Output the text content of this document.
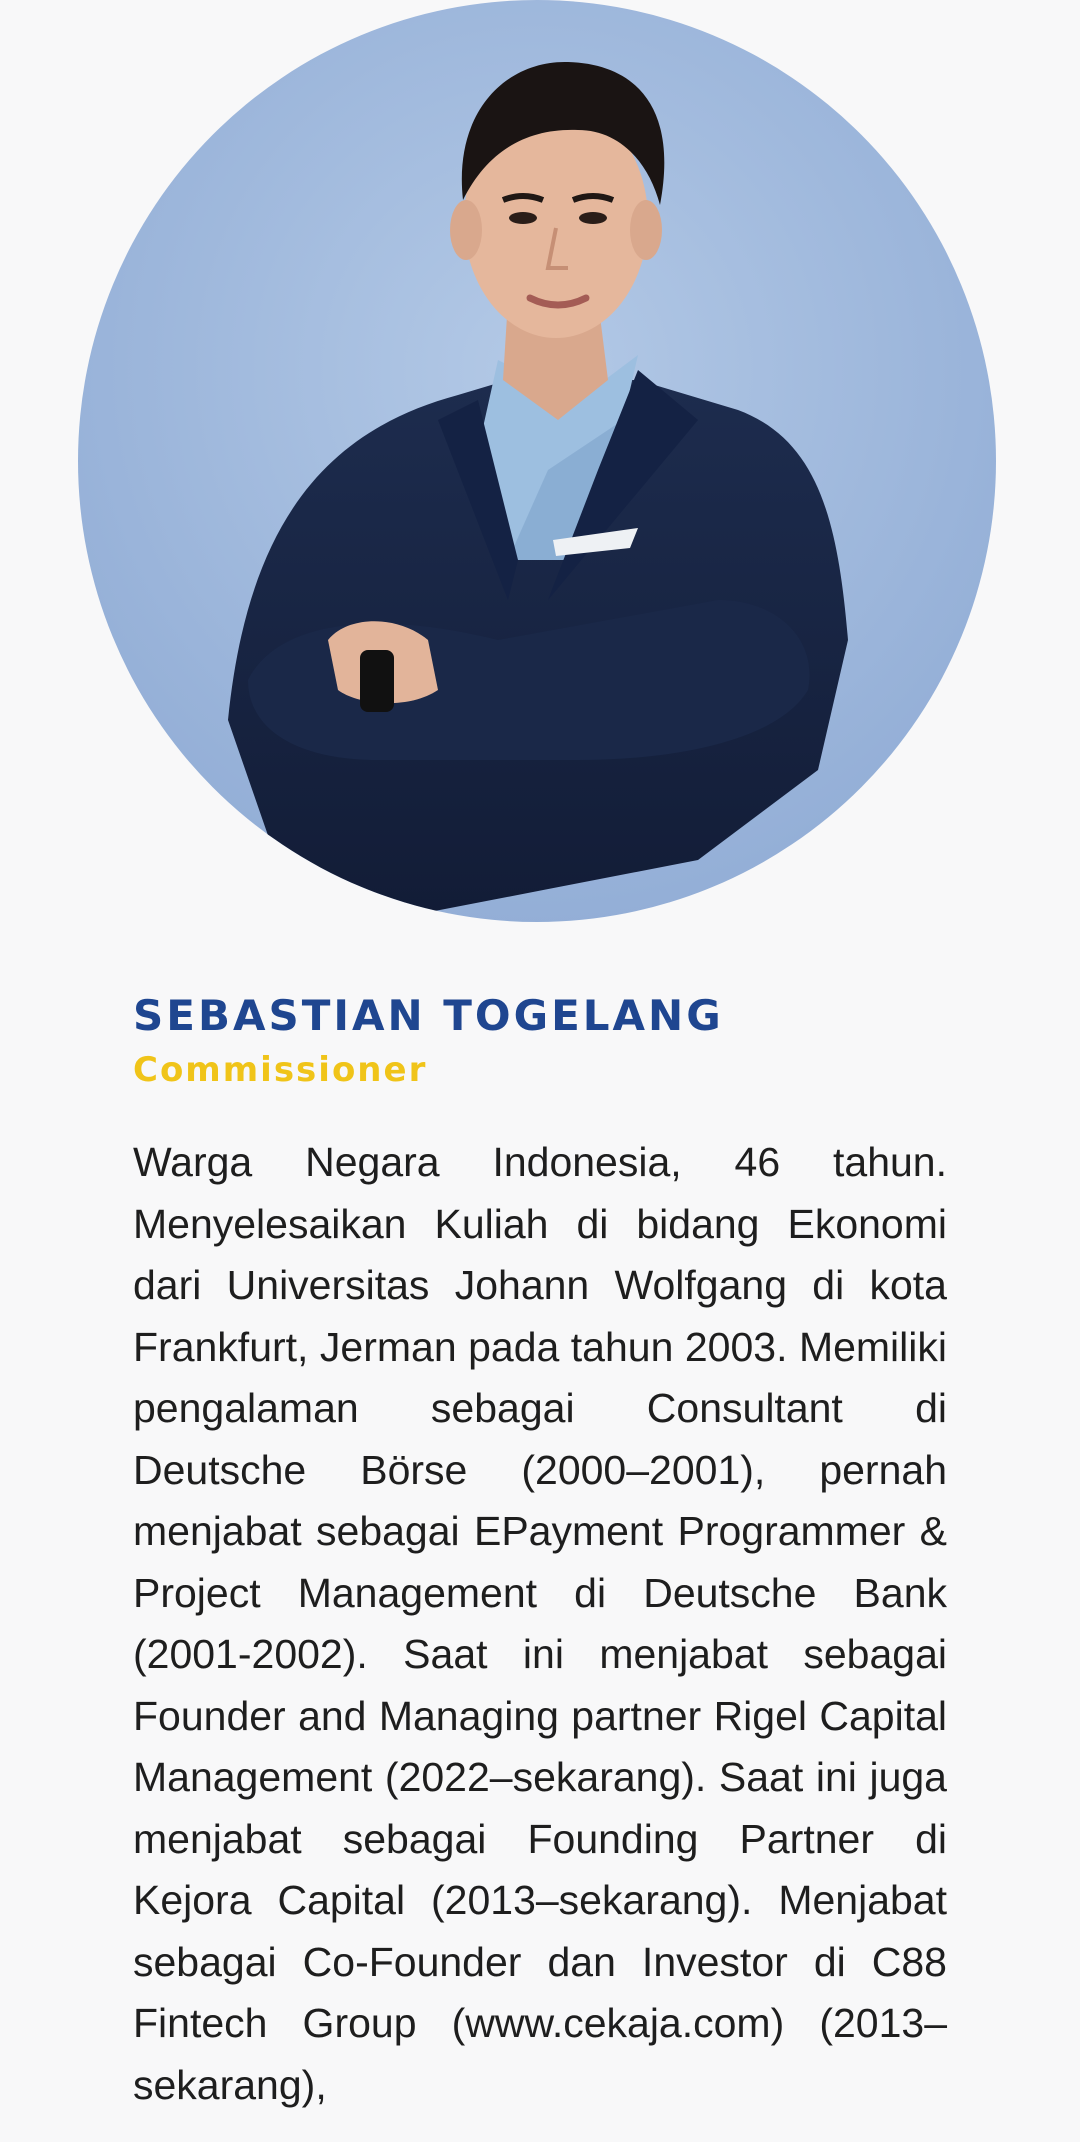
SEBASTIAN TOGELANG
Commissioner

Warga Negara Indonesia, 46 tahun. Menyelesaikan Kuliah di bidang Ekonomi dari Universitas Johann Wolfgang di kota Frankfurt, Jerman pada tahun 2003. Memiliki pengalaman sebagai Consultant di Deutsche Börse (2000–2001), pernah menjabat sebagai EPayment Programmer & Project Management di Deutsche Bank (2001-2002). Saat ini menjabat sebagai Founder and Managing partner Rigel Capital Management (2022–sekarang). Saat ini juga menjabat sebagai Founding Partner di Kejora Capital (2013–sekarang). Menjabat sebagai Co-Founder dan Investor di C88 Fintech Group (www.cekaja.com) (2013–sekarang),
